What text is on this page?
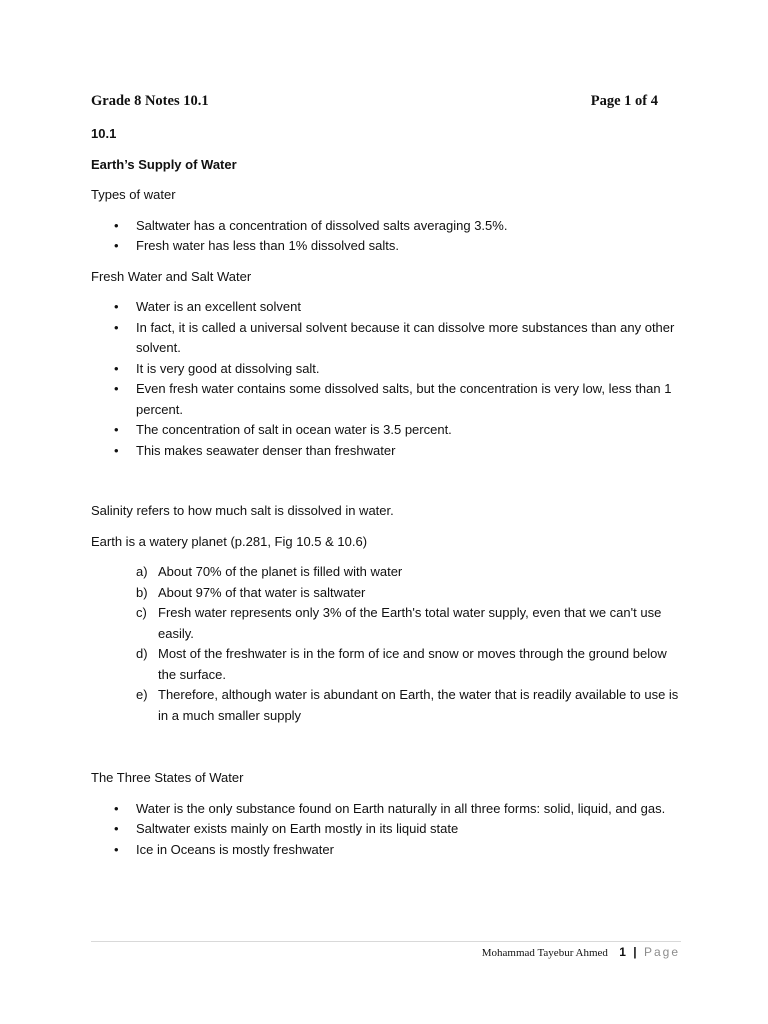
Grade 8 Notes 10.1	Page 1 of 4

10.1

Earth’s Supply of Water

Types of water

• Saltwater has a concentration of dissolved salts averaging 3.5%.
• Fresh water has less than 1% dissolved salts.

Fresh Water and Salt Water

• Water is an excellent solvent
• In fact, it is called a universal solvent because it can dissolve more substances than any other solvent.
• It is very good at dissolving salt.
• Even fresh water contains some dissolved salts, but the concentration is very low, less than 1 percent.
• The concentration of salt in ocean water is 3.5 percent.
• This makes seawater denser than freshwater

Salinity refers to how much salt is dissolved in water.

Earth is a watery planet (p.281, Fig 10.5 & 10.6)

a) About 70% of the planet is filled with water
b) About 97% of that water is saltwater
c) Fresh water represents only 3% of the Earth's total water supply, even that we can't use easily.
d) Most of the freshwater is in the form of ice and snow or moves through the ground below the surface.
e) Therefore, although water is abundant on Earth, the water that is readily available to use is in a much smaller supply

The Three States of Water

• Water is the only substance found on Earth naturally in all three forms: solid, liquid, and gas.
• Saltwater exists mainly on Earth mostly in its liquid state
• Ice in Oceans is mostly freshwater
Mohammad Tayebur Ahmed 1 | Page
